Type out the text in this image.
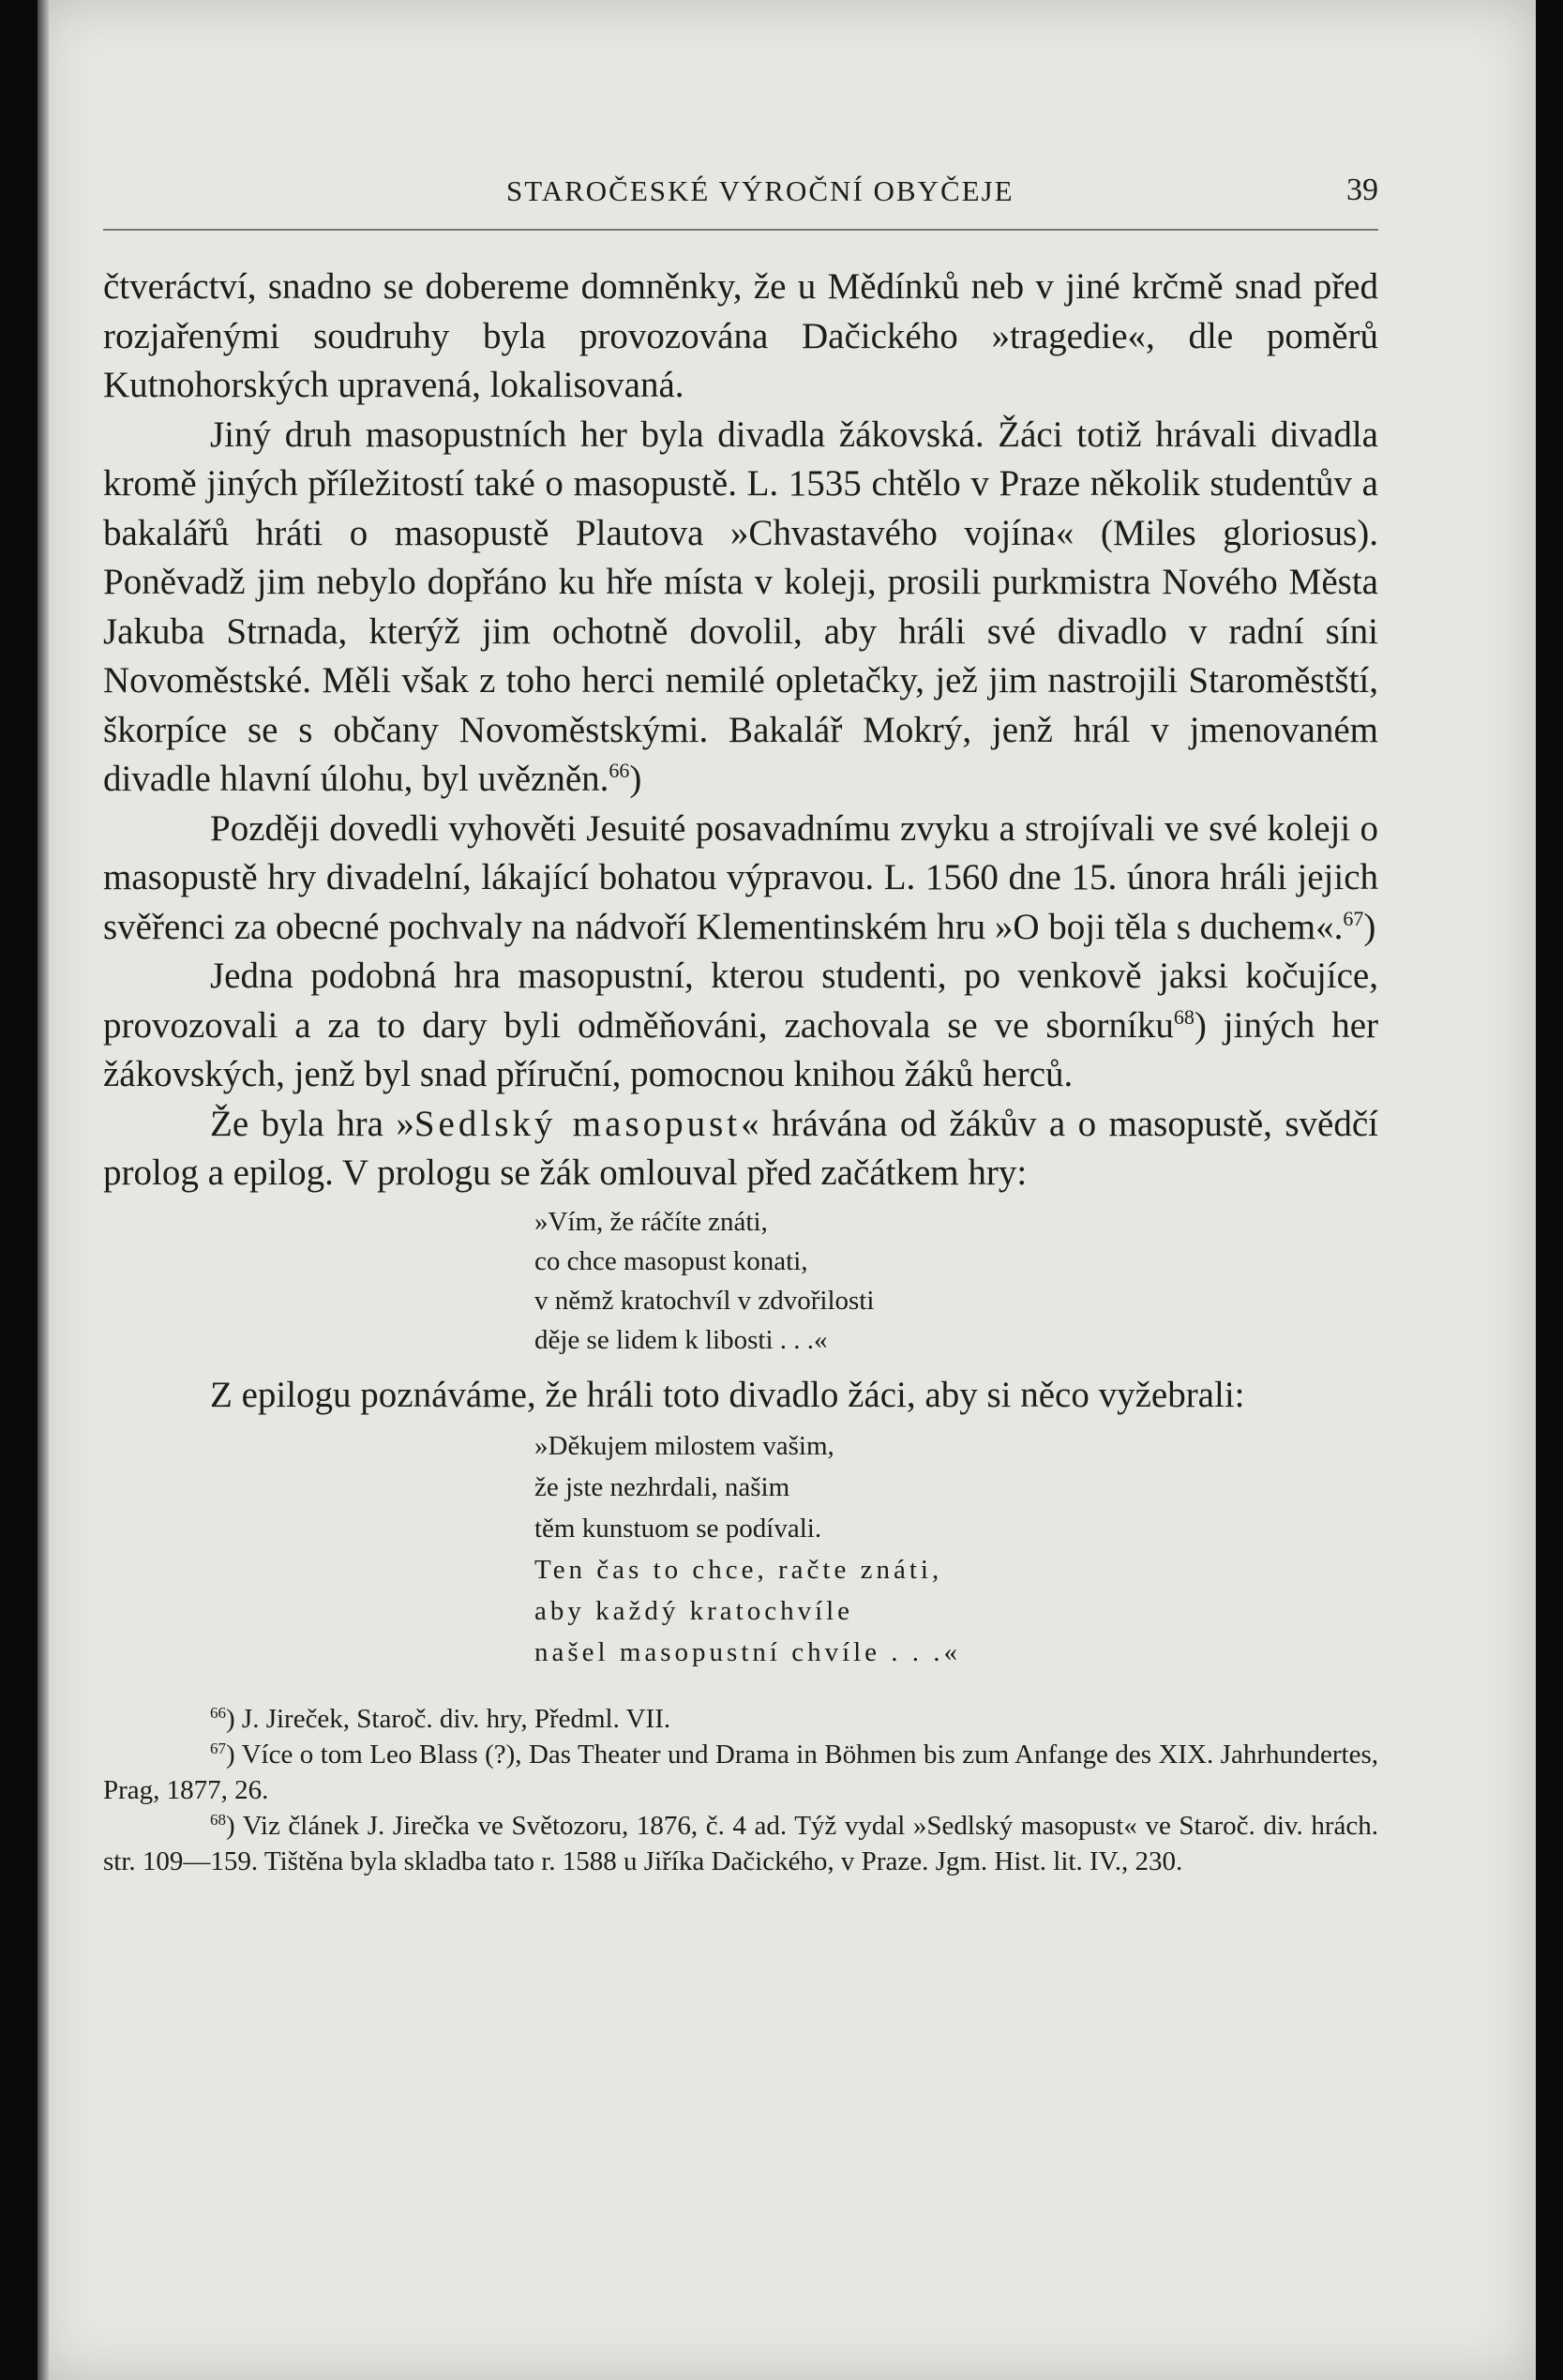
STAROČESKÉ VÝROČNÍ OBYČEJE	39

čtveráctví, snadno se dobereme domněnky, že u Mědínků neb v jiné krčmě snad před rozjařenými soudruhy byla provozována Dačického »tragedie«, dle poměrů Kutnohorských upravená, lokalisovaná.

Jiný druh masopustních her byla divadla žákovská. Žáci totiž hrávali divadla kromě jiných příležitostí také o masopustě. L. 1535 chtělo v Praze několik studentův a bakalářů hráti o masopustě Plautova »Chvastavého vojína« (Miles gloriosus). Poněvadž jim nebylo dopřáno ku hře místa v koleji, prosili purkmistra Nového Města Jakuba Strnada, kterýž jim ochotně dovolil, aby hráli své divadlo v radní síni Novoměstské. Měli však z toho herci nemilé opletačky, jež jim nastrojili Staroměstští, škorpíce se s občany Novoměstskými. Bakalář Mokrý, jenž hrál v jmenovaném divadle hlavní úlohu, byl uvězněn.$^{66}$)

Později dovedli vyhověti Jesuité posavadnímu zvyku a strojívali ve své koleji o masopustě hry divadelní, lákající bohatou výpravou. L. 1560 dne 15. února hráli jejich svěřenci za obecné pochvaly na nádvoří Klementinském hru »O boji těla s duchem«.$^{67}$)

Jedna podobná hra masopustní, kterou studenti, po venkově jaksi kočujíce, provozovali a za to dary byli odměňováni, zachovala se ve sborníku$^{68}$) jiných her žákovských, jenž byl snad příruční, pomocnou knihou žáků herců.

Že byla hra »Sedlský masopust« hrávána od žákův a o masopustě, svědčí prolog a epilog. V prologu se žák omlouval před začátkem hry:

»Vím, že ráčíte znáti,
co chce masopust konati,
v němž kratochvíl v zdvořilosti
děje se lidem k libosti . . .«

Z epilogu poznáváme, že hráli toto divadlo žáci, aby si něco vyžebrali:

»Děkujem milostem vašim,
že jste nezhrdali, našim
těm kunstuom se podívali.
Ten čas to chce, račte znáti,
aby každý kratochvíle
našel masopustní chvíle . . .«

$^{66}$) J. Jireček, Staroč. div. hry, Předml. VII.

$^{67}$) Více o tom Leo Blass (?), Das Theater und Drama in Böhmen bis zum Anfange des XIX. Jahrhundertes, Prag, 1877, 26.

$^{68}$) Viz článek J. Jirečka ve Světozoru, 1876, č. 4 ad. Týž vydal »Sedlský masopust« ve Staroč. div. hrách. str. 109—159. Tištěna byla skladba tato r. 1588 u Jiříka Dačického, v Praze. Jgm. Hist. lit. IV., 230.
